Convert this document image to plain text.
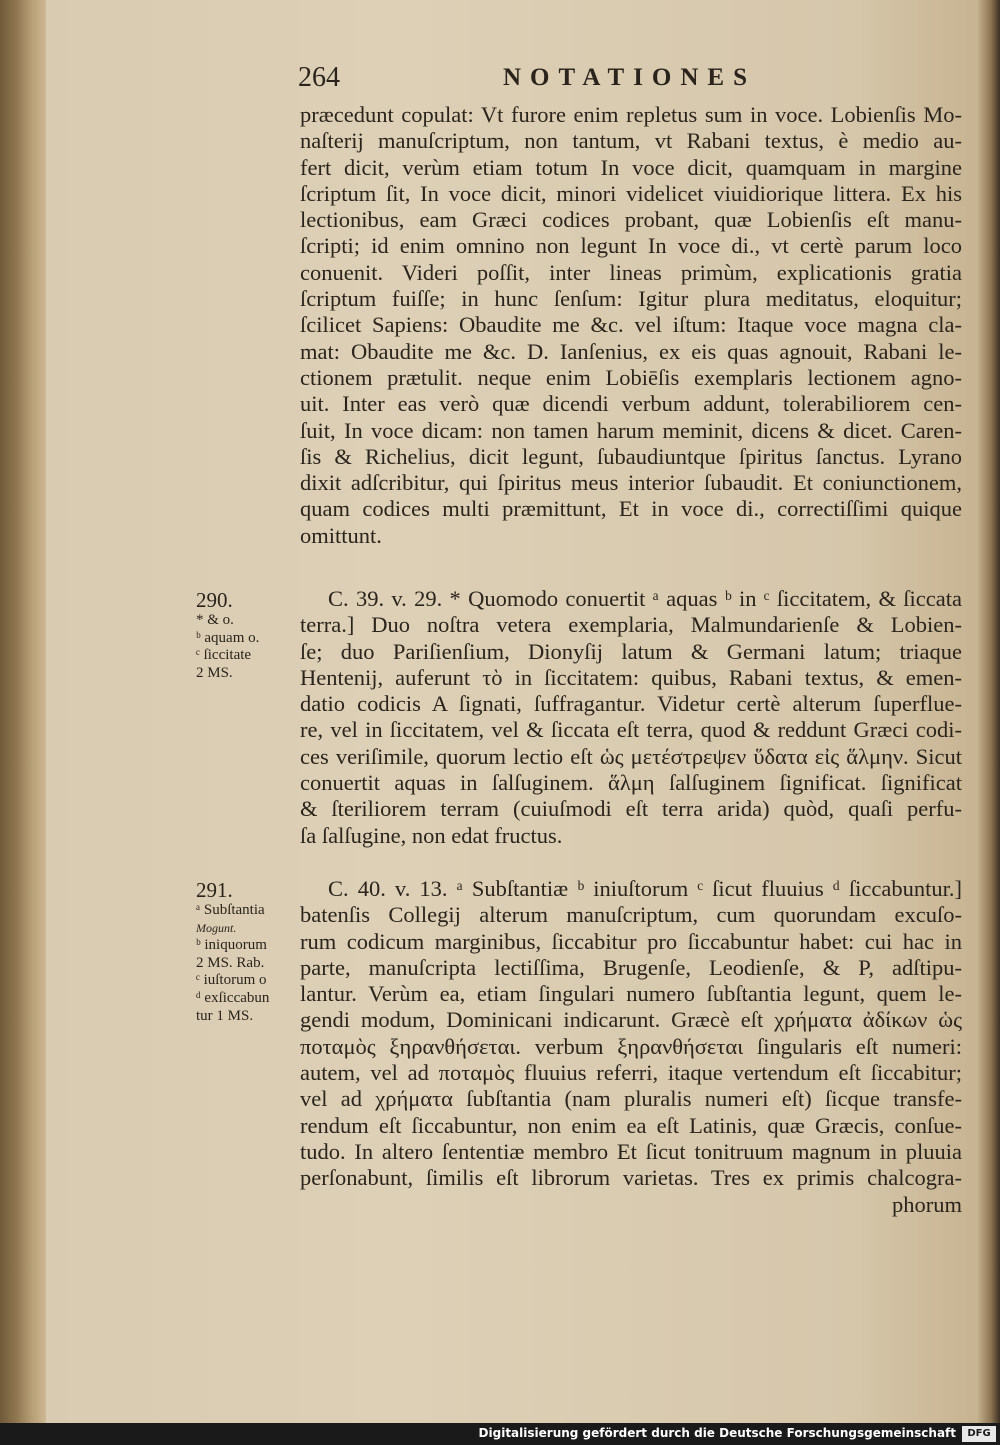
264	NOTATIONES
præcedunt copulat: Vt furore enim repletus sum in voce. Lobienſis Mo-
naſterij manuſcriptum, non tantum, vt Rabani textus, è medio au-
fert dicit, verùm etiam totum In voce dicit, quamquam in margine
ſcriptum ſit, In voce dicit, minori videlicet viuidiorique littera. Ex his
lectionibus, eam Græci codices probant, quæ Lobienſis eſt manu-
ſcripti; id enim omnino non legunt In voce di., vt certè parum loco
conuenit. Videri poſſit, inter lineas primùm, explicationis gratia
ſcriptum fuiſſe; in hunc ſenſum: Igitur plura meditatus, eloquitur;
ſcilicet Sapiens: Obaudite me &c. vel iſtum: Itaque voce magna cla-
mat: Obaudite me &c. D. Ianſenius, ex eis quas agnouit, Rabani le-
ctionem prætulit. neque enim Lobiēſis exemplaris lectionem agno-
uit. Inter eas verò quæ dicendi verbum addunt, tolerabiliorem cen-
ſuit, In voce dicam: non tamen harum meminit, dicens & dicet. Caren-
ſis & Richelius, dicit legunt, ſubaudiuntque ſpiritus ſanctus. Lyrano
dixit adſcribitur, qui ſpiritus meus interior ſubaudit. Et coniunctionem,
quam codices multi præmittunt, Et in voce di., correctiſſimi quique
omittunt.
290.
* & o.
ᵇ aquam o.
ᶜ ſiccitate
2 MS.
C. 39. v. 29. * Quomodo conuertit ᵃ aquas ᵇ in ᶜ ſiccitatem, & ſiccata
terra.] Duo noſtra vetera exemplaria, Malmundarienſe & Lobien-
ſe; duo Pariſienſium, Dionyſij latum & Germani latum; triaque
Hentenij, auferunt τὸ in ſiccitatem: quibus, Rabani textus, & emen-
datio codicis A ſignati, ſuffragantur. Videtur certè alterum ſuperflue-
re, vel in ſiccitatem, vel & ſiccata eſt terra, quod & reddunt Græci codi-
ces veriſimile, quorum lectio eſt ὡς μετέστρεψεν ὕδατα εἰς ἅλμην. Sicut
conuertit aquas in ſalſuginem. ἅλμη ſalſuginem ſignificat. ſignificat
& ſteriliorem terram (cuiuſmodi eſt terra arida) quòd, quaſi perfu-
ſa ſalſugine, non edat fructus.
291.
ᵃ Subſtantia
Mogunt.
ᵇ iniquorum
2 MS. Rab.
ᶜ iuſtorum o
ᵈ exſiccabun
tur 1 MS.
C. 40. v. 13. ᵃ Subſtantiæ ᵇ iniuſtorum ᶜ ſicut fluuius ᵈ ſiccabuntur.]
batenſis Collegij alterum manuſcriptum, cum quorundam excuſo-
rum codicum marginibus, ſiccabitur pro ſiccabuntur habet: cui hac in
parte, manuſcripta lectiſſima, Brugenſe, Leodienſe, & P, adſtipu-
lantur. Verùm ea, etiam ſingulari numero ſubſtantia legunt, quem le-
gendi modum, Dominicani indicarunt. Græcè eſt χρήματα ἀδίκων ὡς
ποταμὸς ξηρανθήσεται. verbum ξηρανθήσεται ſingularis eſt numeri:
autem, vel ad ποταμὸς fluuius referri, itaque vertendum eſt ſiccabitur;
vel ad χρήματα ſubſtantia (nam pluralis numeri eſt) ſicque transfe-
rendum eſt ſiccabuntur, non enim ea eſt Latinis, quæ Græcis, conſue-
tudo. In altero ſententiæ membro Et ſicut tonitruum magnum in pluuia
perſonabunt, ſimilis eſt librorum varietas. Tres ex primis chalcogra-
phorum
Digitalisierung gefördert durch die Deutsche Forschungsgemeinschaft	DFG
